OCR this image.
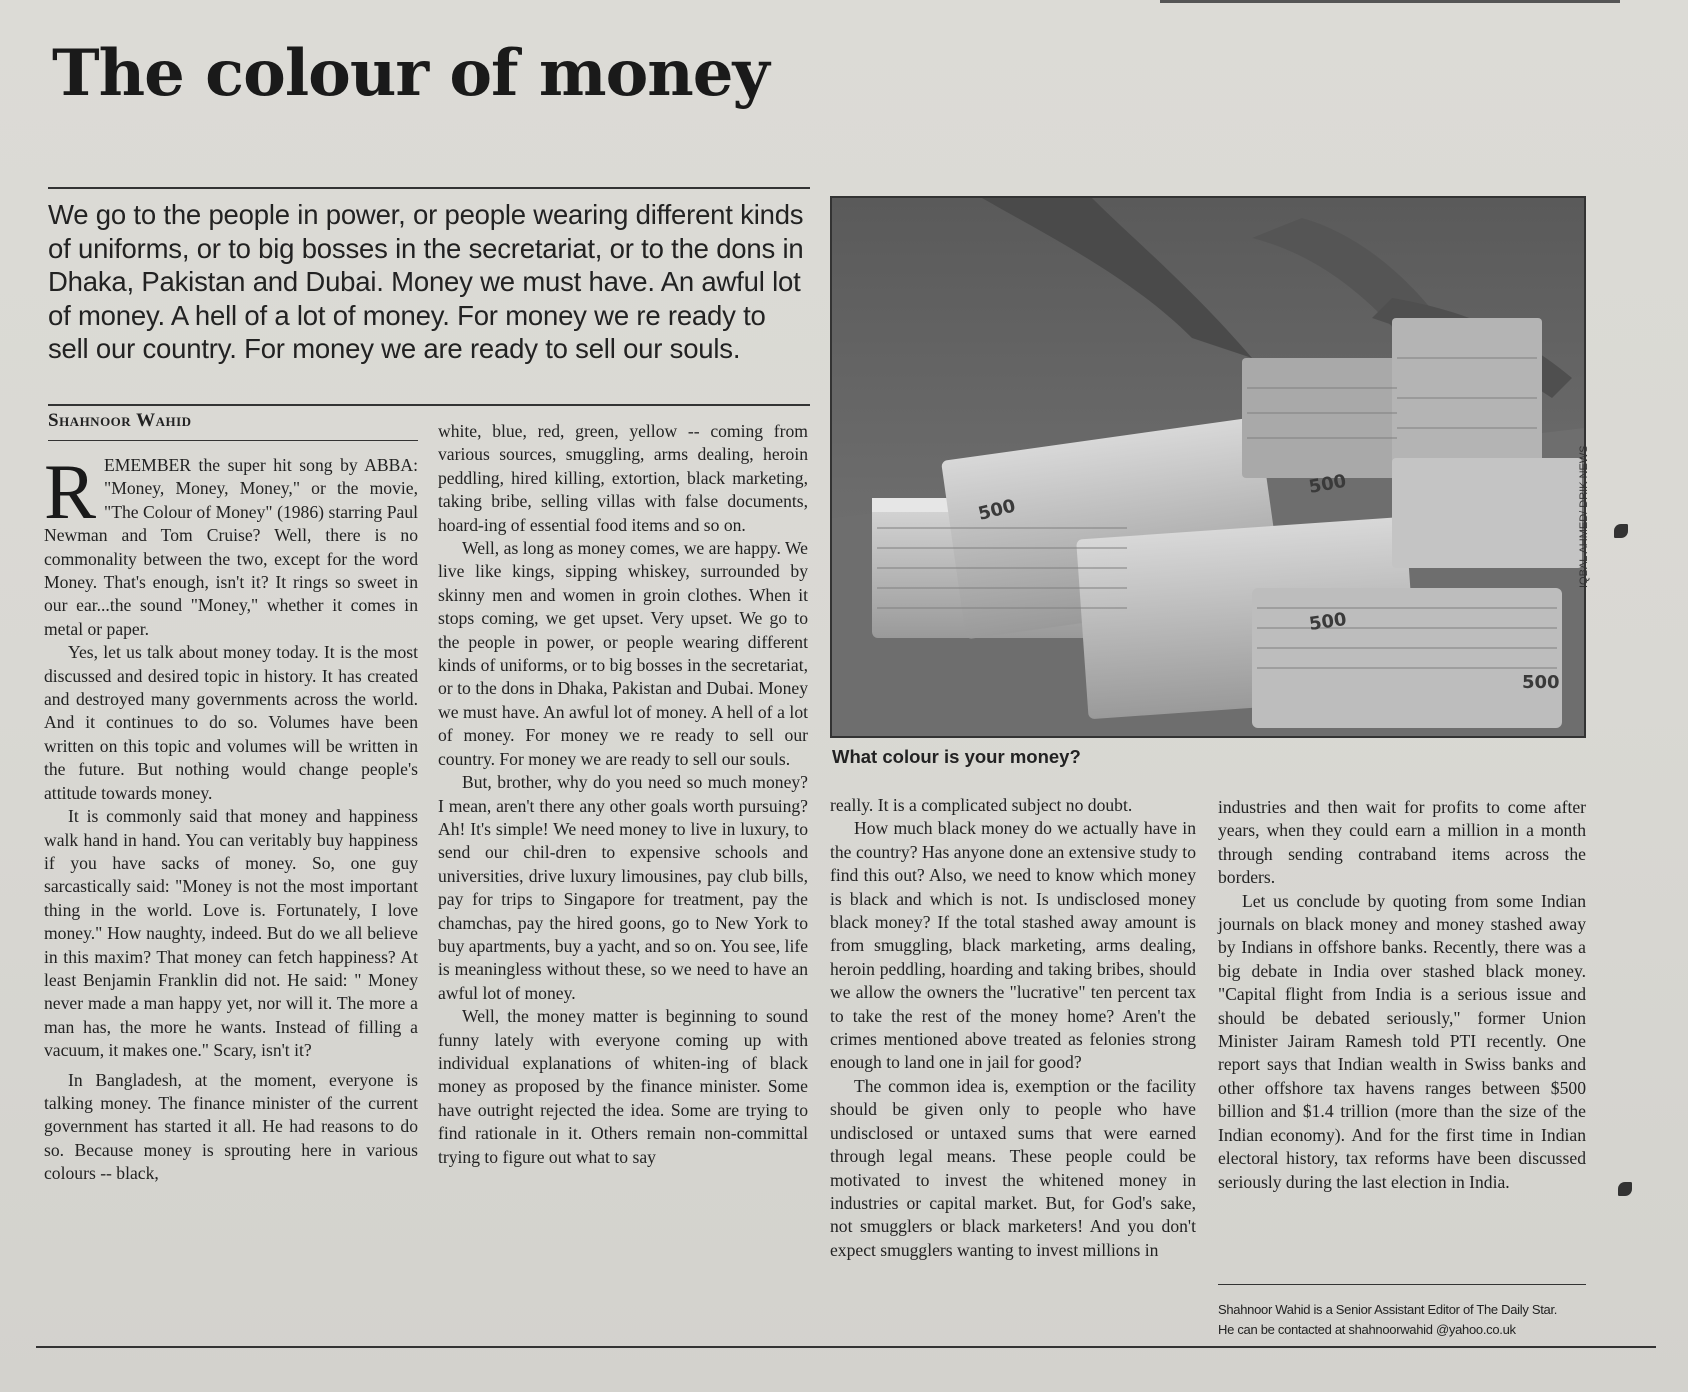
The colour of money
We go to the people in power, or people wearing different kinds of uniforms, or to big bosses in the secretariat, or to the dons in Dhaka, Pakistan and Dubai. Money we must have. An awful lot of money. A hell of a lot of money. For money we re ready to sell our country. For money we are ready to sell our souls.
Shahnoor Wahid

REMEMBER the super hit song by ABBA: "Money, Money, Money," or the movie, "The Colour of Money" (1986) starring Paul Newman and Tom Cruise? Well, there is no commonality between the two, except for the word Money. That's enough, isn't it? It rings so sweet in our ear...the sound "Money," whether it comes in metal or paper.

Yes, let us talk about money today. It is the most discussed and desired topic in history. It has created and destroyed many governments across the world. And it continues to do so. Volumes have been written on this topic and volumes will be written in the future. But nothing would change people's attitude towards money.

It is commonly said that money and happiness walk hand in hand. You can veritably buy happiness if you have sacks of money. So, one guy sarcastically said: "Money is not the most important thing in the world. Love is. Fortunately, I love money." How naughty, indeed. But do we all believe in this maxim? That money can fetch happiness? At least Benjamin Franklin did not. He said: " Money never made a man happy yet, nor will it. The more a man has, the more he wants. Instead of filling a vacuum, it makes one." Scary, isn't it?

In Bangladesh, at the moment, everyone is talking money. The finance minister of the current government has started it all. He had reasons to do so. Because money is sprouting here in various colours -- black,

white, blue, red, green, yellow -- coming from various sources, smuggling, arms dealing, heroin peddling, hired killing, extortion, black marketing, taking bribe, selling villas with false documents, hoard-ing of essential food items and so on.

Well, as long as money comes, we are happy. We live like kings, sipping whiskey, surrounded by skinny men and women in groin clothes. When it stops coming, we get upset. Very upset. We go to the people in power, or people wearing different kinds of uniforms, or to big bosses in the secretariat, or to the dons in Dhaka, Pakistan and Dubai. Money we must have. An awful lot of money. A hell of a lot of money. For money we re ready to sell our country. For money we are ready to sell our souls.

But, brother, why do you need so much money? I mean, aren't there any other goals worth pursuing? Ah! It's simple! We need money to live in luxury, to send our chil-dren to expensive schools and universities, drive luxury limousines, pay club bills, pay for trips to Singapore for treatment, pay the chamchas, pay the hired goons, go to New York to buy apartments, buy a yacht, and so on. You see, life is meaningless without these, so we need to have an awful lot of money.

Well, the money matter is beginning to sound funny lately with everyone coming up with individual explanations of whiten-ing of black money as proposed by the finance minister. Some have outright rejected the idea. Some are trying to find rationale in it. Others remain non-committal trying to figure out what to say

500
500
500
500
IQBAL AHMED/ DRIK NEWS
What colour is your money?

really. It is a complicated subject no doubt.

How much black money do we actually have in the country? Has anyone done an extensive study to find this out? Also, we need to know which money is black and which is not. Is undisclosed money black money? If the total stashed away amount is from smuggling, black marketing, arms dealing, heroin peddling, hoarding and taking bribes, should we allow the owners the "lucrative" ten percent tax to take the rest of the money home? Aren't the crimes mentioned above treated as felonies strong enough to land one in jail for good?

The common idea is, exemption or the facility should be given only to people who have undisclosed or untaxed sums that were earned through legal means. These people could be motivated to invest the whitened money in industries or capital market. But, for God's sake, not smugglers or black marketers! And you don't expect smugglers wanting to invest millions in

industries and then wait for profits to come after years, when they could earn a million in a month through sending contraband items across the borders.

Let us conclude by quoting from some Indian journals on black money and money stashed away by Indians in offshore banks. Recently, there was a big debate in India over stashed black money. "Capital flight from India is a serious issue and should be debated seriously," former Union Minister Jairam Ramesh told PTI recently. One report says that Indian wealth in Swiss banks and other offshore tax havens ranges between $500 billion and $1.4 trillion (more than the size of the Indian economy). And for the first time in Indian electoral history, tax reforms have been discussed seriously during the last election in India.

Shahnoor Wahid is a Senior Assistant Editor of The Daily Star.
He can be contacted at shahnoorwahid @yahoo.co.uk
